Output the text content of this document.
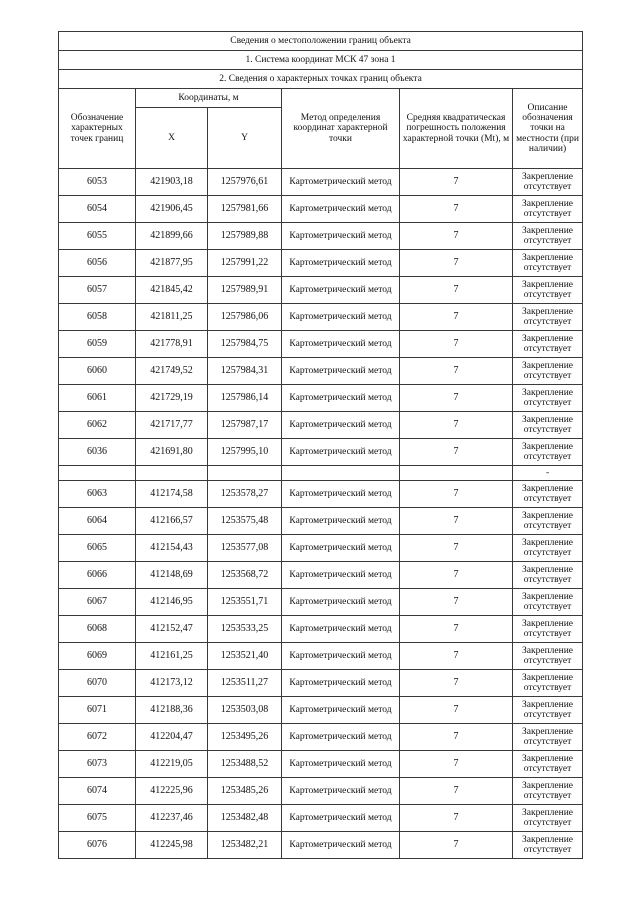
Сведения о местоположении границ объекта					
1. Система координат МСК 47 зона 1					
2. Сведения о характерных точках границ объекта					
Обозначение характерных точек границ	Координаты, м		Метод определения координат характерной точки	Средняя квадратическая погрешность положения характерной точки (Mt), м	Описание обозначения точки на местности (при наличии)
	X	Y			
6053	421903,18	1257976,61	Картометрический метод	7	Закрепление отсутствует
6054	421906,45	1257981,66	Картометрический метод	7	Закрепление отсутствует
6055	421899,66	1257989,88	Картометрический метод	7	Закрепление отсутствует
6056	421877,95	1257991,22	Картометрический метод	7	Закрепление отсутствует
6057	421845,42	1257989,91	Картометрический метод	7	Закрепление отсутствует
6058	421811,25	1257986,06	Картометрический метод	7	Закрепление отсутствует
6059	421778,91	1257984,75	Картометрический метод	7	Закрепление отсутствует
6060	421749,52	1257984,31	Картометрический метод	7	Закрепление отсутствует
6061	421729,19	1257986,14	Картометрический метод	7	Закрепление отсутствует
6062	421717,77	1257987,17	Картометрический метод	7	Закрепление отсутствует
6036	421691,80	1257995,10	Картометрический метод	7	Закрепление отсутствует
					-
6063	412174,58	1253578,27	Картометрический метод	7	Закрепление отсутствует
6064	412166,57	1253575,48	Картометрический метод	7	Закрепление отсутствует
6065	412154,43	1253577,08	Картометрический метод	7	Закрепление отсутствует
6066	412148,69	1253568,72	Картометрический метод	7	Закрепление отсутствует
6067	412146,95	1253551,71	Картометрический метод	7	Закрепление отсутствует
6068	412152,47	1253533,25	Картометрический метод	7	Закрепление отсутствует
6069	412161,25	1253521,40	Картометрический метод	7	Закрепление отсутствует
6070	412173,12	1253511,27	Картометрический метод	7	Закрепление отсутствует
6071	412188,36	1253503,08	Картометрический метод	7	Закрепление отсутствует
6072	412204,47	1253495,26	Картометрический метод	7	Закрепление отсутствует
6073	412219,05	1253488,52	Картометрический метод	7	Закрепление отсутствует
6074	412225,96	1253485,26	Картометрический метод	7	Закрепление отсутствует
6075	412237,46	1253482,48	Картометрический метод	7	Закрепление отсутствует
6076	412245,98	1253482,21	Картометрический метод	7	Закрепление отсутствует
